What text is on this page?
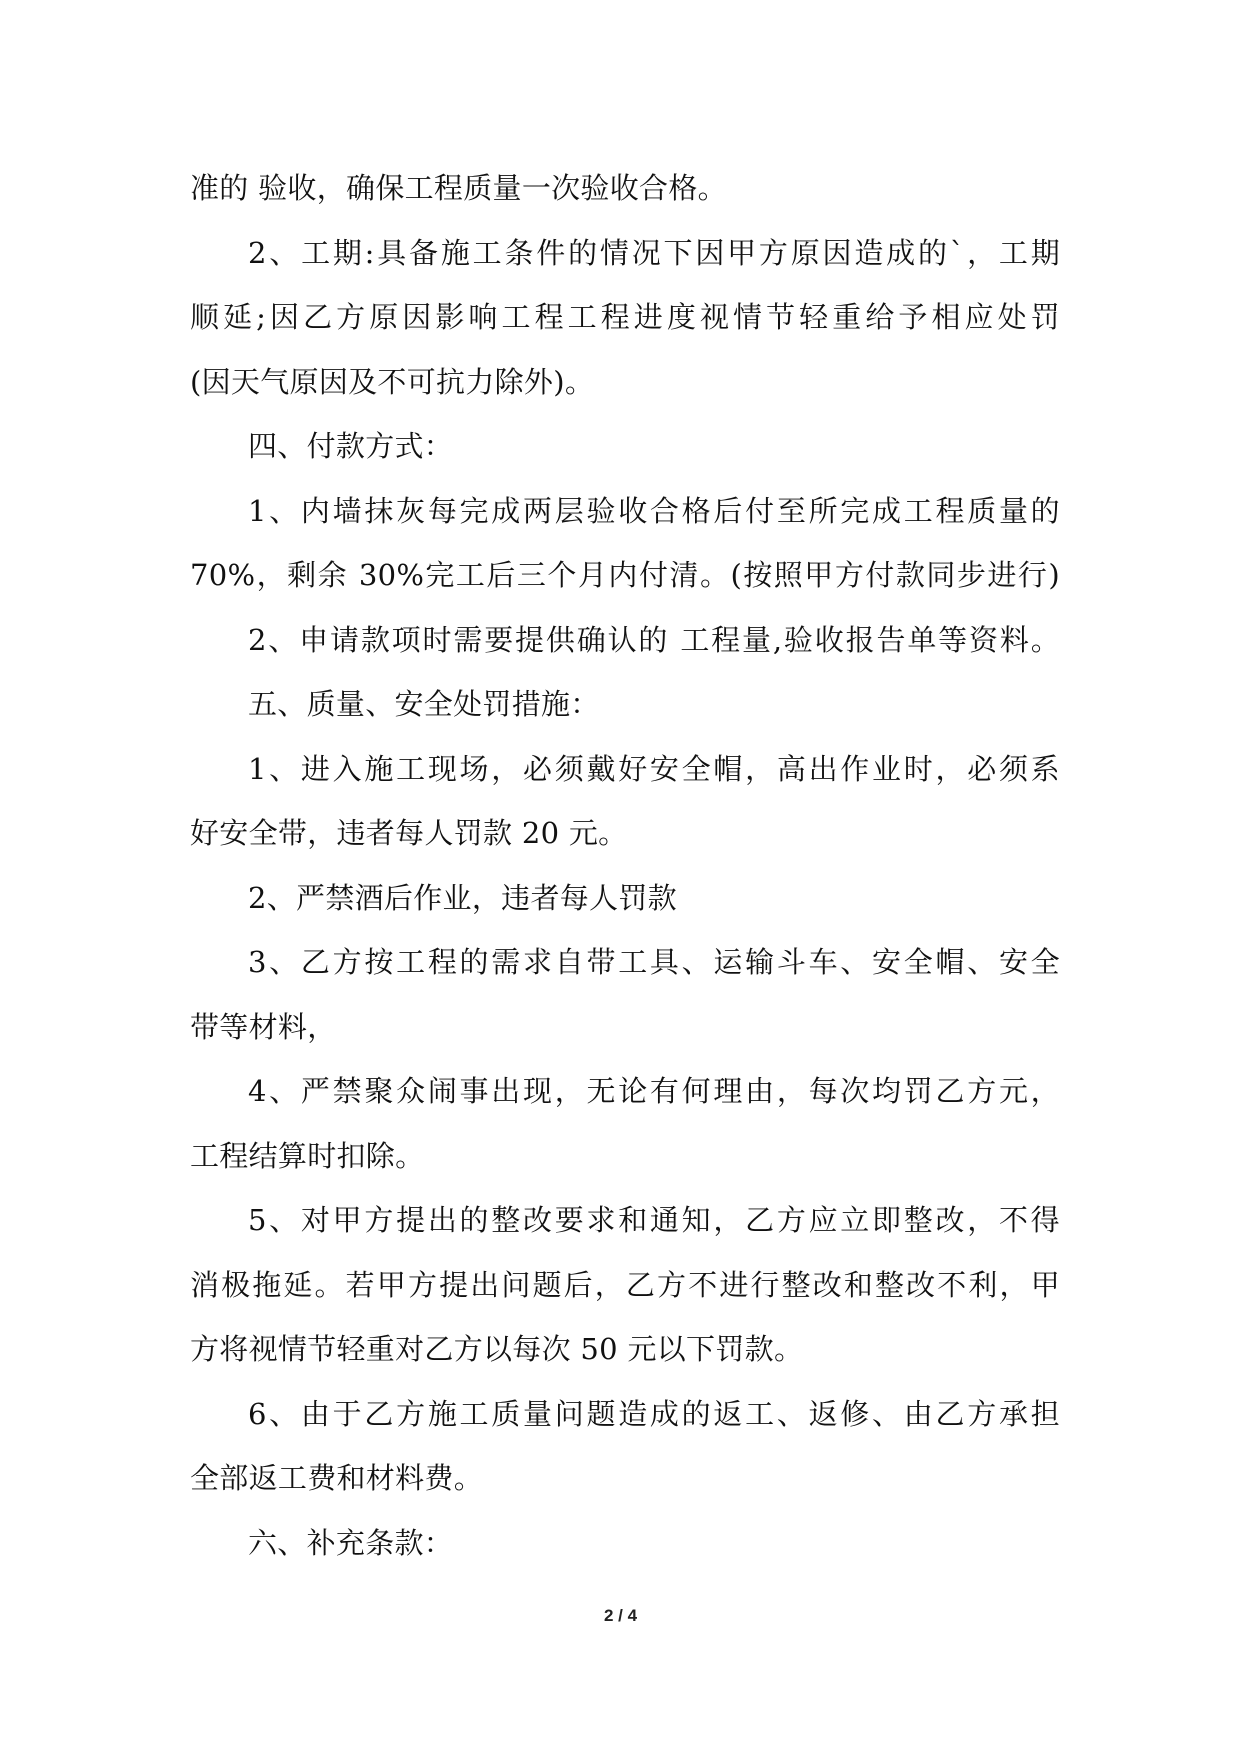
准的 验收，确保工程质量一次验收合格。
2、工期:具备施工条件的情况下因甲方原因造成的`，工期
顺延;因乙方原因影响工程工程进度视情节轻重给予相应处罚
(因天气原因及不可抗力除外)。
四、付款方式：
1、内墙抹灰每完成两层验收合格后付至所完成工程质量的
70%，剩余 30%完工后三个月内付清。(按照甲方付款同步进行)
2、申请款项时需要提供确认的 工程量,验收报告单等资料。
五、质量、安全处罚措施：
1、进入施工现场，必须戴好安全帽，高出作业时，必须系
好安全带，违者每人罚款 20 元。
2、严禁酒后作业，违者每人罚款
3、乙方按工程的需求自带工具、运输斗车、安全帽、安全
带等材料，
4、严禁聚众闹事出现，无论有何理由，每次均罚乙方元，
工程结算时扣除。
5、对甲方提出的整改要求和通知，乙方应立即整改，不得
消极拖延。若甲方提出问题后，乙方不进行整改和整改不利，甲
方将视情节轻重对乙方以每次 50 元以下罚款。
6、由于乙方施工质量问题造成的返工、返修、由乙方承担
全部返工费和材料费。
六、补充条款：
2 / 4
